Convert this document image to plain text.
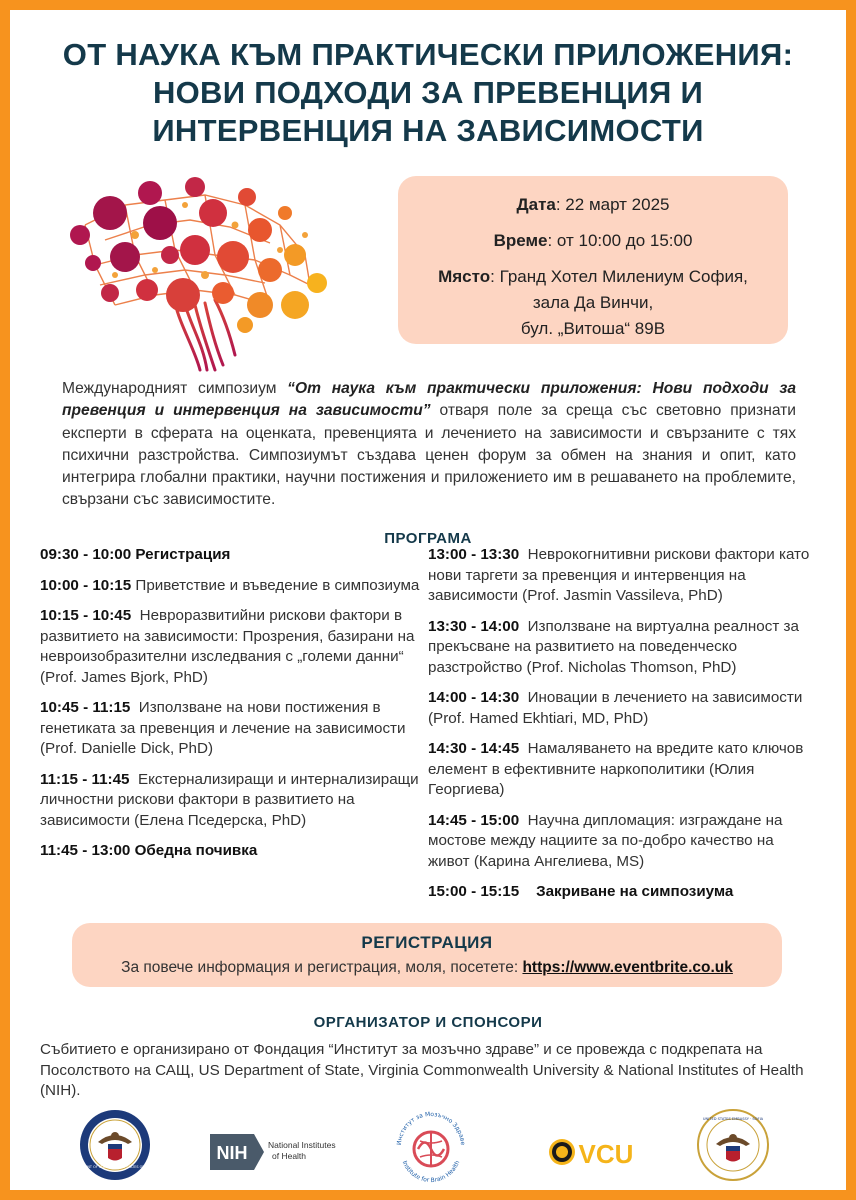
ОТ НАУКА КЪМ ПРАКТИЧЕСКИ ПРИЛОЖЕНИЯ:
НОВИ ПОДХОДИ ЗА ПРЕВЕНЦИЯ И
ИНТЕРВЕНЦИЯ НА ЗАВИСИМОСТИ
Дата: 22 март 2025
Време: от 10:00 до 15:00
Място: Гранд Хотел Милениум София,
зала Да Винчи,
бул. „Витоша“ 89В
Международният симпозиум “От наука към практически приложения: Нови подходи за превенция и интервенция на зависимости” отваря поле за среща със световно признати експерти в сферата на оценката, превенцията и лечението на зависимости и свързаните с тях психични разстройства. Симпозиумът създава ценен форум за обмен на знания и опит, като интегрира глобални практики, научни постижения и приложението им в решаването на проблемите, свързани със зависимостите.
ПРОГРАМА
09:30 - 10:00 Регистрация
10:00 - 10:15 Приветствие и въведение в симпозиума
10:15 - 10:45  Невроразвитийни рискови фактори в развитието на зависимости: Прозрения, базирани на невроизобразителни изследвания с „големи данни“ (Prof. James Bjork, PhD)
10:45 - 11:15  Използване на нови постижения в генетиката за превенция и лечение на зависимости (Prof. Danielle Dick, PhD)
11:15 - 11:45  Екстернализиращи и интернализиращи личностни рискови фактори в развитието на зависимости (Елена Пседерска, PhD)
11:45 - 13:00 Обедна почивка
13:00 - 13:30  Неврокогнитивни рискови фактори като нови таргети за превенция и интервенция на зависимости (Prof. Jasmin Vassileva, PhD)
13:30 - 14:00  Използване на виртуална реалност за прекъсване на развитието на поведенческо разстройство (Prof. Nicholas Thomson, PhD)
14:00 - 14:30  Иновации в лечението на зависимости (Prof. Hamed Ekhtiari, MD, PhD)
14:30 - 14:45  Намаляването на вредите като ключов елемент в ефективните наркополитики (Юлия Георгиева)
14:45 - 15:00  Научна дипломация: изграждане на мостове между нациите за по-добро качество на живот (Карина Ангелиева, MS)
15:00 - 15:15    Закриване на симпозиума
РЕГИСТРАЦИЯ
За повече информация и регистрация, моля, посетете: https://www.eventbrite.co.uk
ОРГАНИЗАТОР И СПОНСОРИ
Събитието е организирано от Фондация “Институт за мозъчно здраве” и се провежда с подкрепата на Посолството на САЩ, US Department of State, Virginia Commonwealth University & National Institutes of Health (NIH).
DEPARTMENT OF STATE · UNITED STATES OF AMERICA
NIH National Institutes
of Health
Институт за Мозъчно Здраве
Institute for Brain Health	VCU
UNITED STATES EMBASSY · SOFIA
